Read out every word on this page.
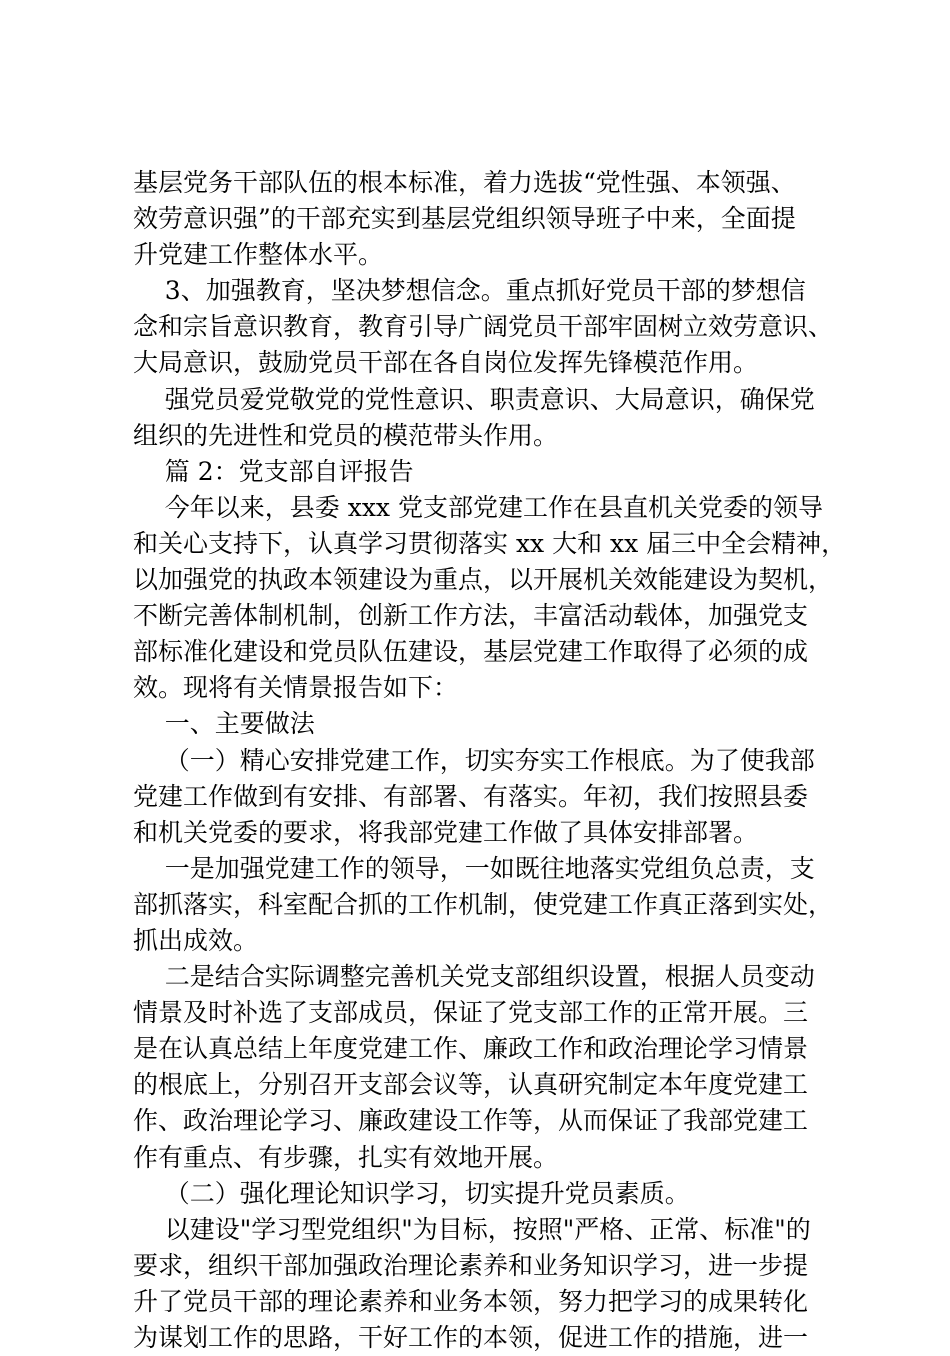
基层党务干部队伍的根本标准，着力选拔“党性强、本领强、
效劳意识强”的干部充实到基层党组织领导班子中来，全面提
升党建工作整体水平。
3、加强教育，坚决梦想信念。重点抓好党员干部的梦想信
念和宗旨意识教育，教育引导广阔党员干部牢固树立效劳意识、
大局意识，鼓励党员干部在各自岗位发挥先锋模范作用。
强党员爱党敬党的党性意识、职责意识、大局意识，确保党
组织的先进性和党员的模范带头作用。
篇 2：党支部自评报告
今年以来，县委 xxx 党支部党建工作在县直机关党委的领导
和关心支持下，认真学习贯彻落实 xx 大和 xx 届三中全会精神，
以加强党的执政本领建设为重点，以开展机关效能建设为契机，
不断完善体制机制，创新工作方法，丰富活动载体，加强党支
部标准化建设和党员队伍建设，基层党建工作取得了必须的成
效。现将有关情景报告如下：
一、主要做法
（一）精心安排党建工作，切实夯实工作根底。为了使我部
党建工作做到有安排、有部署、有落实。年初，我们按照县委
和机关党委的要求，将我部党建工作做了具体安排部署。
一是加强党建工作的领导，一如既往地落实党组负总责，支
部抓落实，科室配合抓的工作机制，使党建工作真正落到实处，
抓出成效。
二是结合实际调整完善机关党支部组织设置，根据人员变动
情景及时补选了支部成员，保证了党支部工作的正常开展。三
是在认真总结上年度党建工作、廉政工作和政治理论学习情景
的根底上，分别召开支部会议等，认真研究制定本年度党建工
作、政治理论学习、廉政建设工作等，从而保证了我部党建工
作有重点、有步骤，扎实有效地开展。
（二）强化理论知识学习，切实提升党员素质。
以建设"学习型党组织"为目标，按照"严格、正常、标准"的
要求，组织干部加强政治理论素养和业务知识学习，进一步提
升了党员干部的理论素养和业务本领，努力把学习的成果转化
为谋划工作的思路，干好工作的本领，促进工作的措施，进一
